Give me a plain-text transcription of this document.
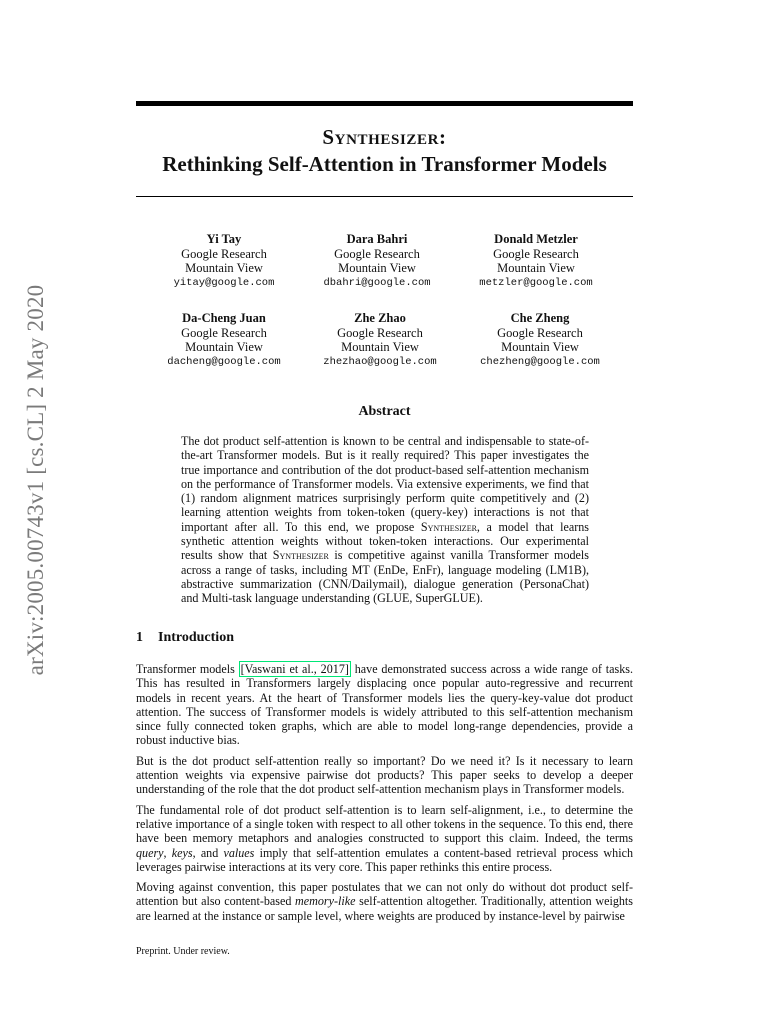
arXiv:2005.00743v1 [cs.CL] 2 May 2020
Synthesizer:
Rethinking Self-Attention in Transformer Models
Yi Tay
Google Research
Mountain View
yitay@google.com
Dara Bahri
Google Research
Mountain View
dbahri@google.com
Donald Metzler
Google Research
Mountain View
metzler@google.com
Da-Cheng Juan
Google Research
Mountain View
dacheng@google.com
Zhe Zhao
Google Research
Mountain View
zhezhao@google.com
Che Zheng
Google Research
Mountain View
chezheng@google.com
Abstract
The dot product self-attention is known to be central and indispensable to state-of-the-art Transformer models. But is it really required? This paper investigates the true importance and contribution of the dot product-based self-attention mechanism on the performance of Transformer models. Via extensive experiments, we find that (1) random alignment matrices surprisingly perform quite competitively and (2) learning attention weights from token-token (query-key) interactions is not that important after all. To this end, we propose Synthesizer, a model that learns synthetic attention weights without token-token interactions. Our experimental results show that Synthesizer is competitive against vanilla Transformer models across a range of tasks, including MT (EnDe, EnFr), language modeling (LM1B), abstractive summarization (CNN/Dailymail), dialogue generation (PersonaChat) and Multi-task language understanding (GLUE, SuperGLUE).
1 Introduction

Transformer models [Vaswani et al., 2017] have demonstrated success across a wide range of tasks. This has resulted in Transformers largely displacing once popular auto-regressive and recurrent models in recent years. At the heart of Transformer models lies the query-key-value dot product attention. The success of Transformer models is widely attributed to this self-attention mechanism since fully connected token graphs, which are able to model long-range dependencies, provide a robust inductive bias.

But is the dot product self-attention really so important? Do we need it? Is it necessary to learn attention weights via expensive pairwise dot products? This paper seeks to develop a deeper understanding of the role that the dot product self-attention mechanism plays in Transformer models.

The fundamental role of dot product self-attention is to learn self-alignment, i.e., to determine the relative importance of a single token with respect to all other tokens in the sequence. To this end, there have been memory metaphors and analogies constructed to support this claim. Indeed, the terms query, keys, and values imply that self-attention emulates a content-based retrieval process which leverages pairwise interactions at its very core. This paper rethinks this entire process.

Moving against convention, this paper postulates that we can not only do without dot product self-attention but also content-based memory-like self-attention altogether. Traditionally, attention weights are learned at the instance or sample level, where weights are produced by instance-level by pairwise

Preprint. Under review.
